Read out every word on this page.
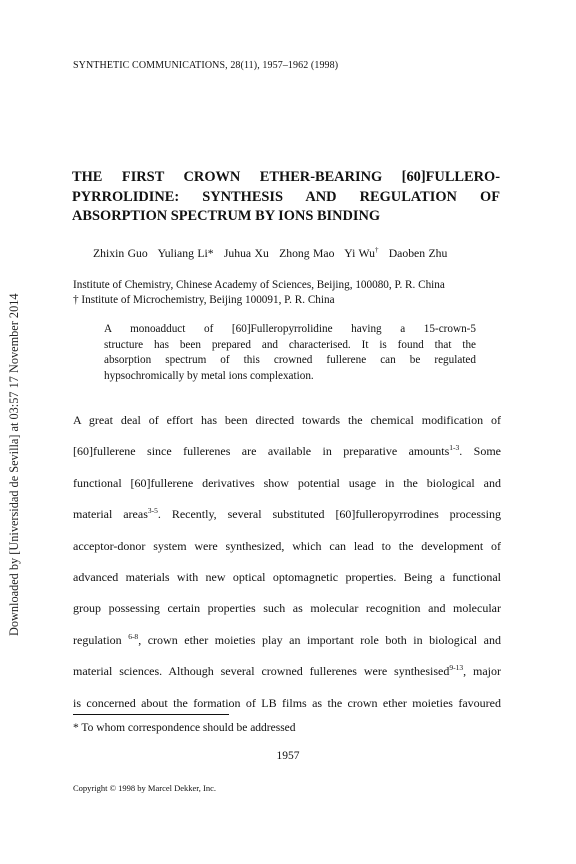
Downloaded by [Universidad de Sevilla] at 03:57 17 November 2014
SYNTHETIC COMMUNICATIONS, 28(11), 1957–1962 (1998)
THE FIRST CROWN ETHER-BEARING [60]FULLERO-
PYRROLIDINE: SYNTHESIS AND REGULATION OF
ABSORPTION SPECTRUM BY IONS BINDING
Zhixin Guo Yuliang Li* Juhua Xu Zhong Mao Yi Wu† Daoben Zhu
Institute of Chemistry, Chinese Academy of Sciences, Beijing, 100080, P. R. China
† Institute of Microchemistry, Beijing 100091, P. R. China
A monoadduct of [60]Fulleropyrrolidine having a 15-crown-5
structure has been prepared and characterised. It is found that the
absorption spectrum of this crowned fullerene can be regulated
hypsochromically by metal ions complexation.
A great deal of effort has been directed towards the chemical modification of
[60]fullerene since fullerenes are available in preparative amounts$^{1-3}$. Some
functional [60]fullerene derivatives show potential usage in the biological and
material areas$^{3-5}$. Recently, several substituted [60]fulleropyrrodines processing
acceptor-donor system were synthesized, which can lead to the development of
advanced materials with new optical optomagnetic properties. Being a functional
group possessing certain properties such as molecular recognition and molecular
regulation $^{6-8}$, crown ether moieties play an important role both in biological and
material sciences. Although several crowned fullerenes were synthesised$^{9-13}$, major
is concerned about the formation of LB films as the crown ether moieties favoured
* To whom correspondence should be addressed
1957
Copyright © 1998 by Marcel Dekker, Inc.
